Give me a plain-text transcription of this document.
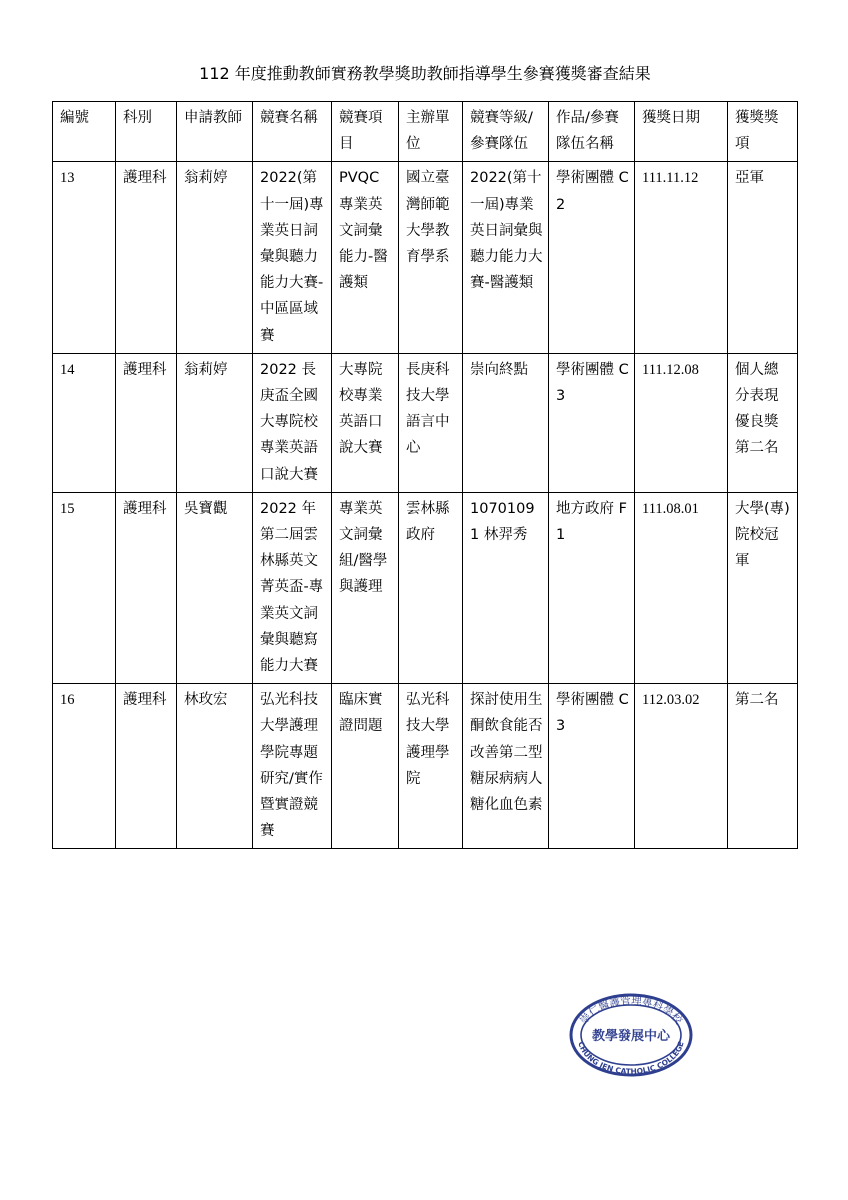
112 年度推動教師實務教學獎助教師指導學生參賽獲獎審查結果
編號	科別	申請教師	競賽名稱	競賽項目	主辦單位	競賽等級/參賽隊伍	作品/參賽隊伍名稱	獲獎日期	獲獎獎項
13	護理科	翁莉婷	2022(第十一屆)專業英日詞彙與聽力能力大賽-中區區域賽	PVQC 專業英文詞彙能力-醫護類	國立臺灣師範大學教育學系	2022(第十一屆)專業英日詞彙與聽力能力大賽-醫護類	學術團體 C2	111.11.12	亞軍
14	護理科	翁莉婷	2022 長庚盃全國大專院校專業英語口說大賽	大專院校專業英語口說大賽	長庚科技大學語言中心	崇向終點	學術團體 C3	111.12.08	個人總分表現優良獎第二名
15	護理科	吳寶觀	2022 年第二屆雲林縣英文菁英盃-專業英文詞彙與聽寫能力大賽	專業英文詞彙組/醫學與護理	雲林縣政府	10701091 林羿秀	地方政府 F1	111.08.01	大學(專)院校冠軍
16	護理科	林玫宏	弘光科技大學護理學院專題研究/實作暨實證競賽	臨床實證問題	弘光科技大學護理學院	探討使用生酮飲食能否改善第二型糖尿病病人糖化血色素	學術團體 C3	112.03.02	第二名
崇仁醫護管理專科學校
教學發展中心
CHUNG JEN CATHOLIC COLLEGE
